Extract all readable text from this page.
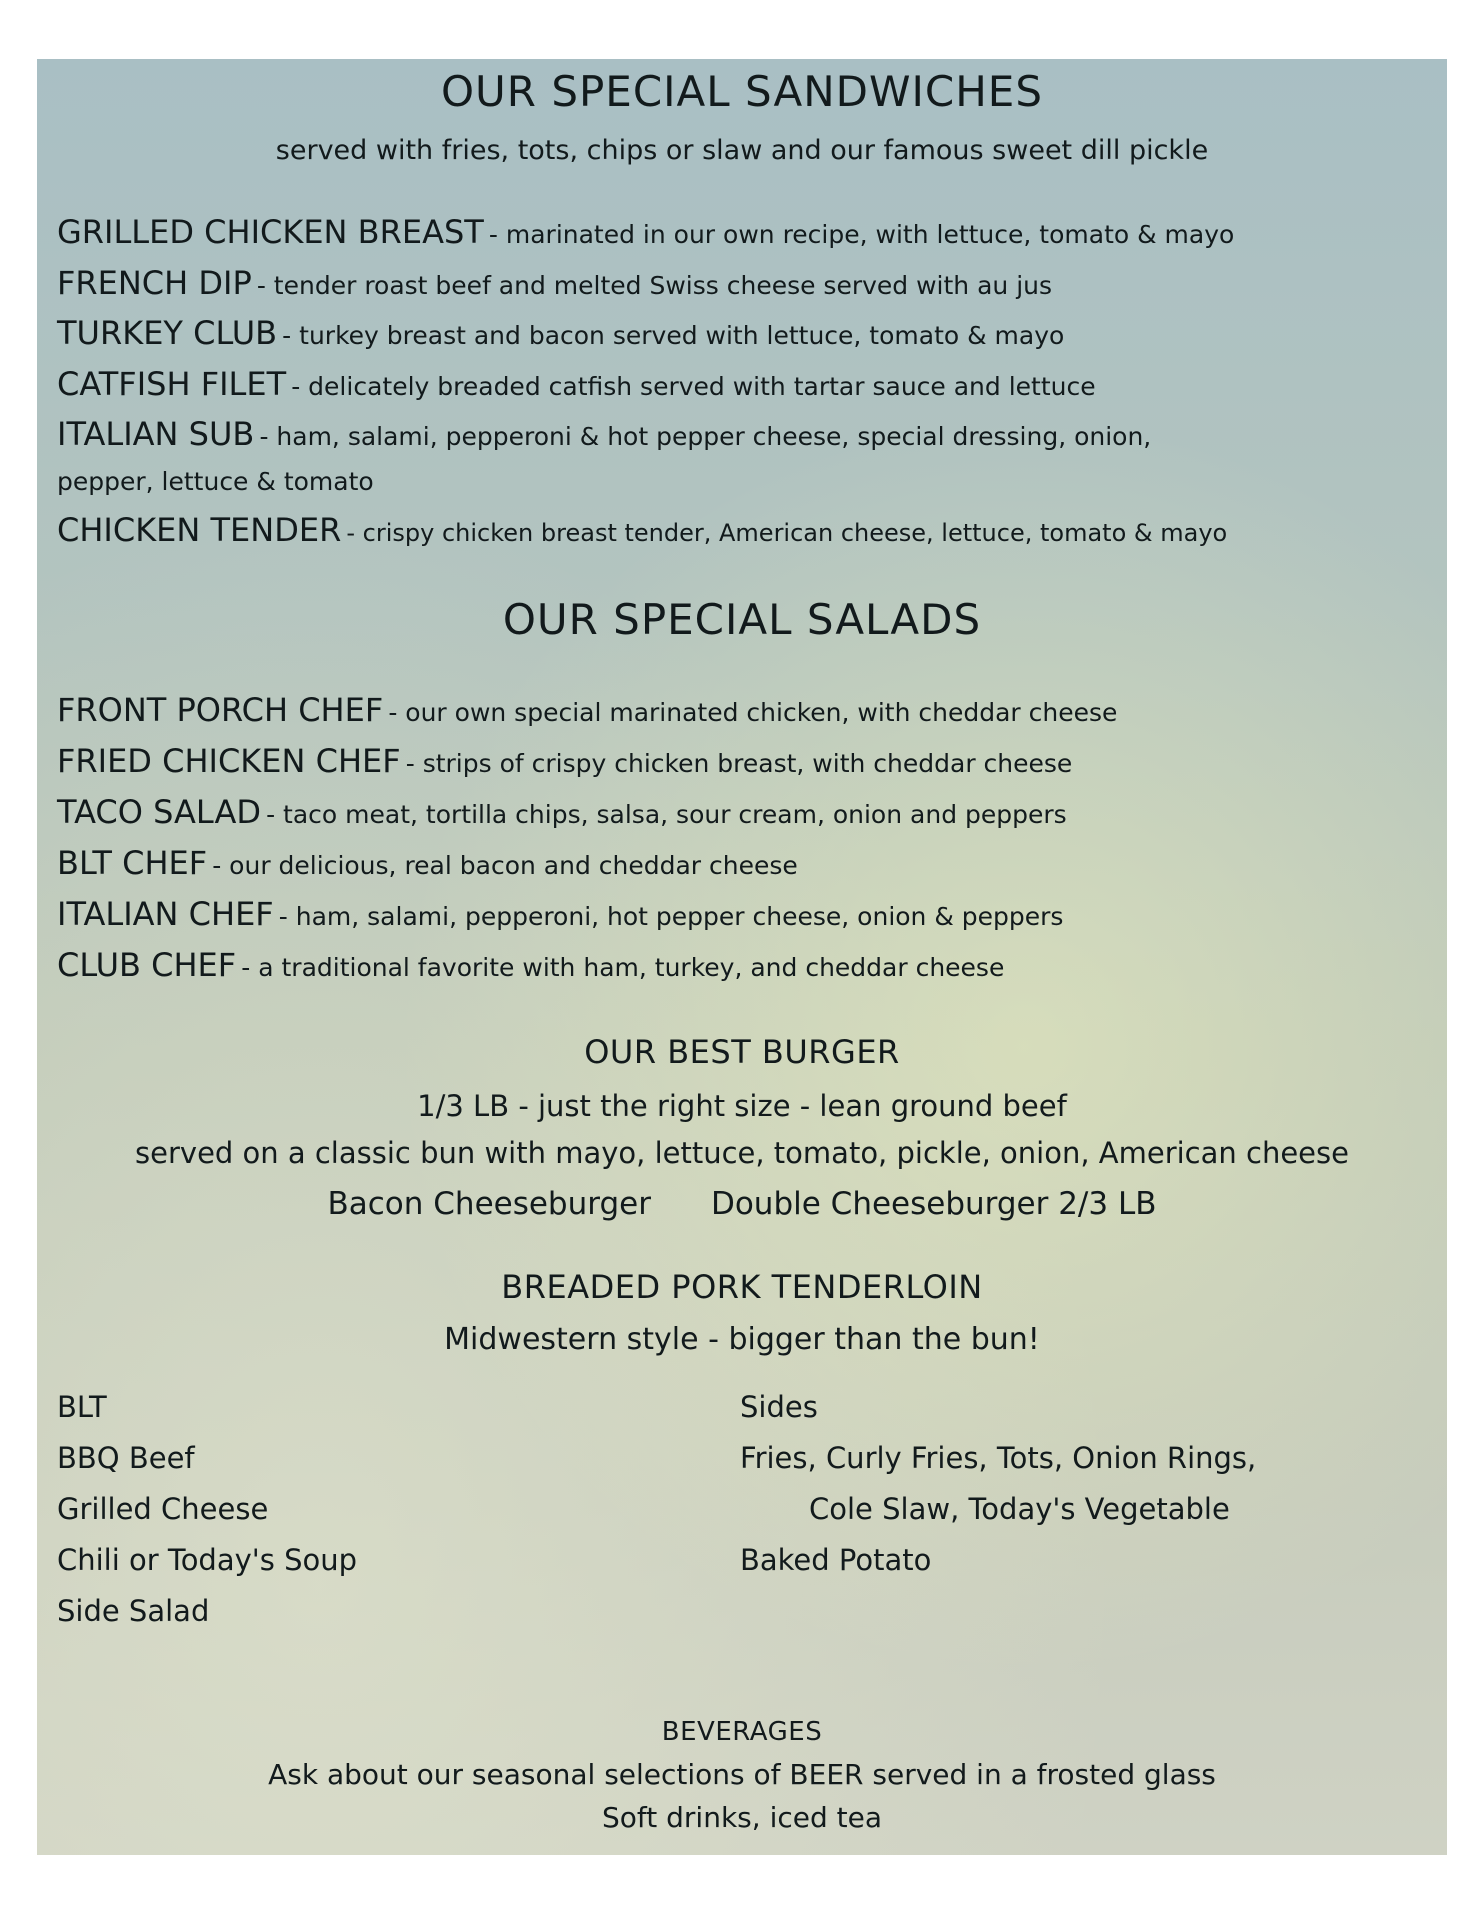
OUR SPECIAL SANDWICHES
served with fries, tots, chips or slaw and our famous sweet dill pickle
GRILLED CHICKEN BREAST - marinated in our own recipe, with lettuce, tomato & mayo
FRENCH DIP - tender roast beef and melted Swiss cheese served with au jus
TURKEY CLUB - turkey breast and bacon served with lettuce, tomato & mayo
CATFISH FILET - delicately breaded catfish served with tartar sauce and lettuce
ITALIAN SUB - ham, salami, pepperoni & hot pepper cheese, special dressing, onion,
pepper, lettuce & tomato
CHICKEN TENDER - crispy chicken breast tender, American cheese, lettuce, tomato & mayo
OUR SPECIAL SALADS
FRONT PORCH CHEF - our own special marinated chicken, with cheddar cheese
FRIED CHICKEN CHEF - strips of crispy chicken breast, with cheddar cheese
TACO SALAD - taco meat, tortilla chips, salsa, sour cream, onion and peppers
BLT CHEF - our delicious, real bacon and cheddar cheese
ITALIAN CHEF - ham, salami, pepperoni, hot pepper cheese, onion & peppers
CLUB CHEF - a traditional favorite with ham, turkey, and cheddar cheese
OUR BEST BURGER
1/3 LB - just the right size - lean ground beef
served on a classic bun with mayo, lettuce, tomato, pickle, onion, American cheese
Bacon Cheeseburger Double Cheeseburger 2/3 LB
BREADED PORK TENDERLOIN
Midwestern style - bigger than the bun!
BLT
BBQ Beef
Grilled Cheese
Chili or Today's Soup
Side Salad
Sides
Fries, Curly Fries, Tots, Onion Rings,
Cole Slaw, Today's Vegetable
Baked Potato
BEVERAGES
Ask about our seasonal selections of BEER served in a frosted glass
Soft drinks, iced tea
